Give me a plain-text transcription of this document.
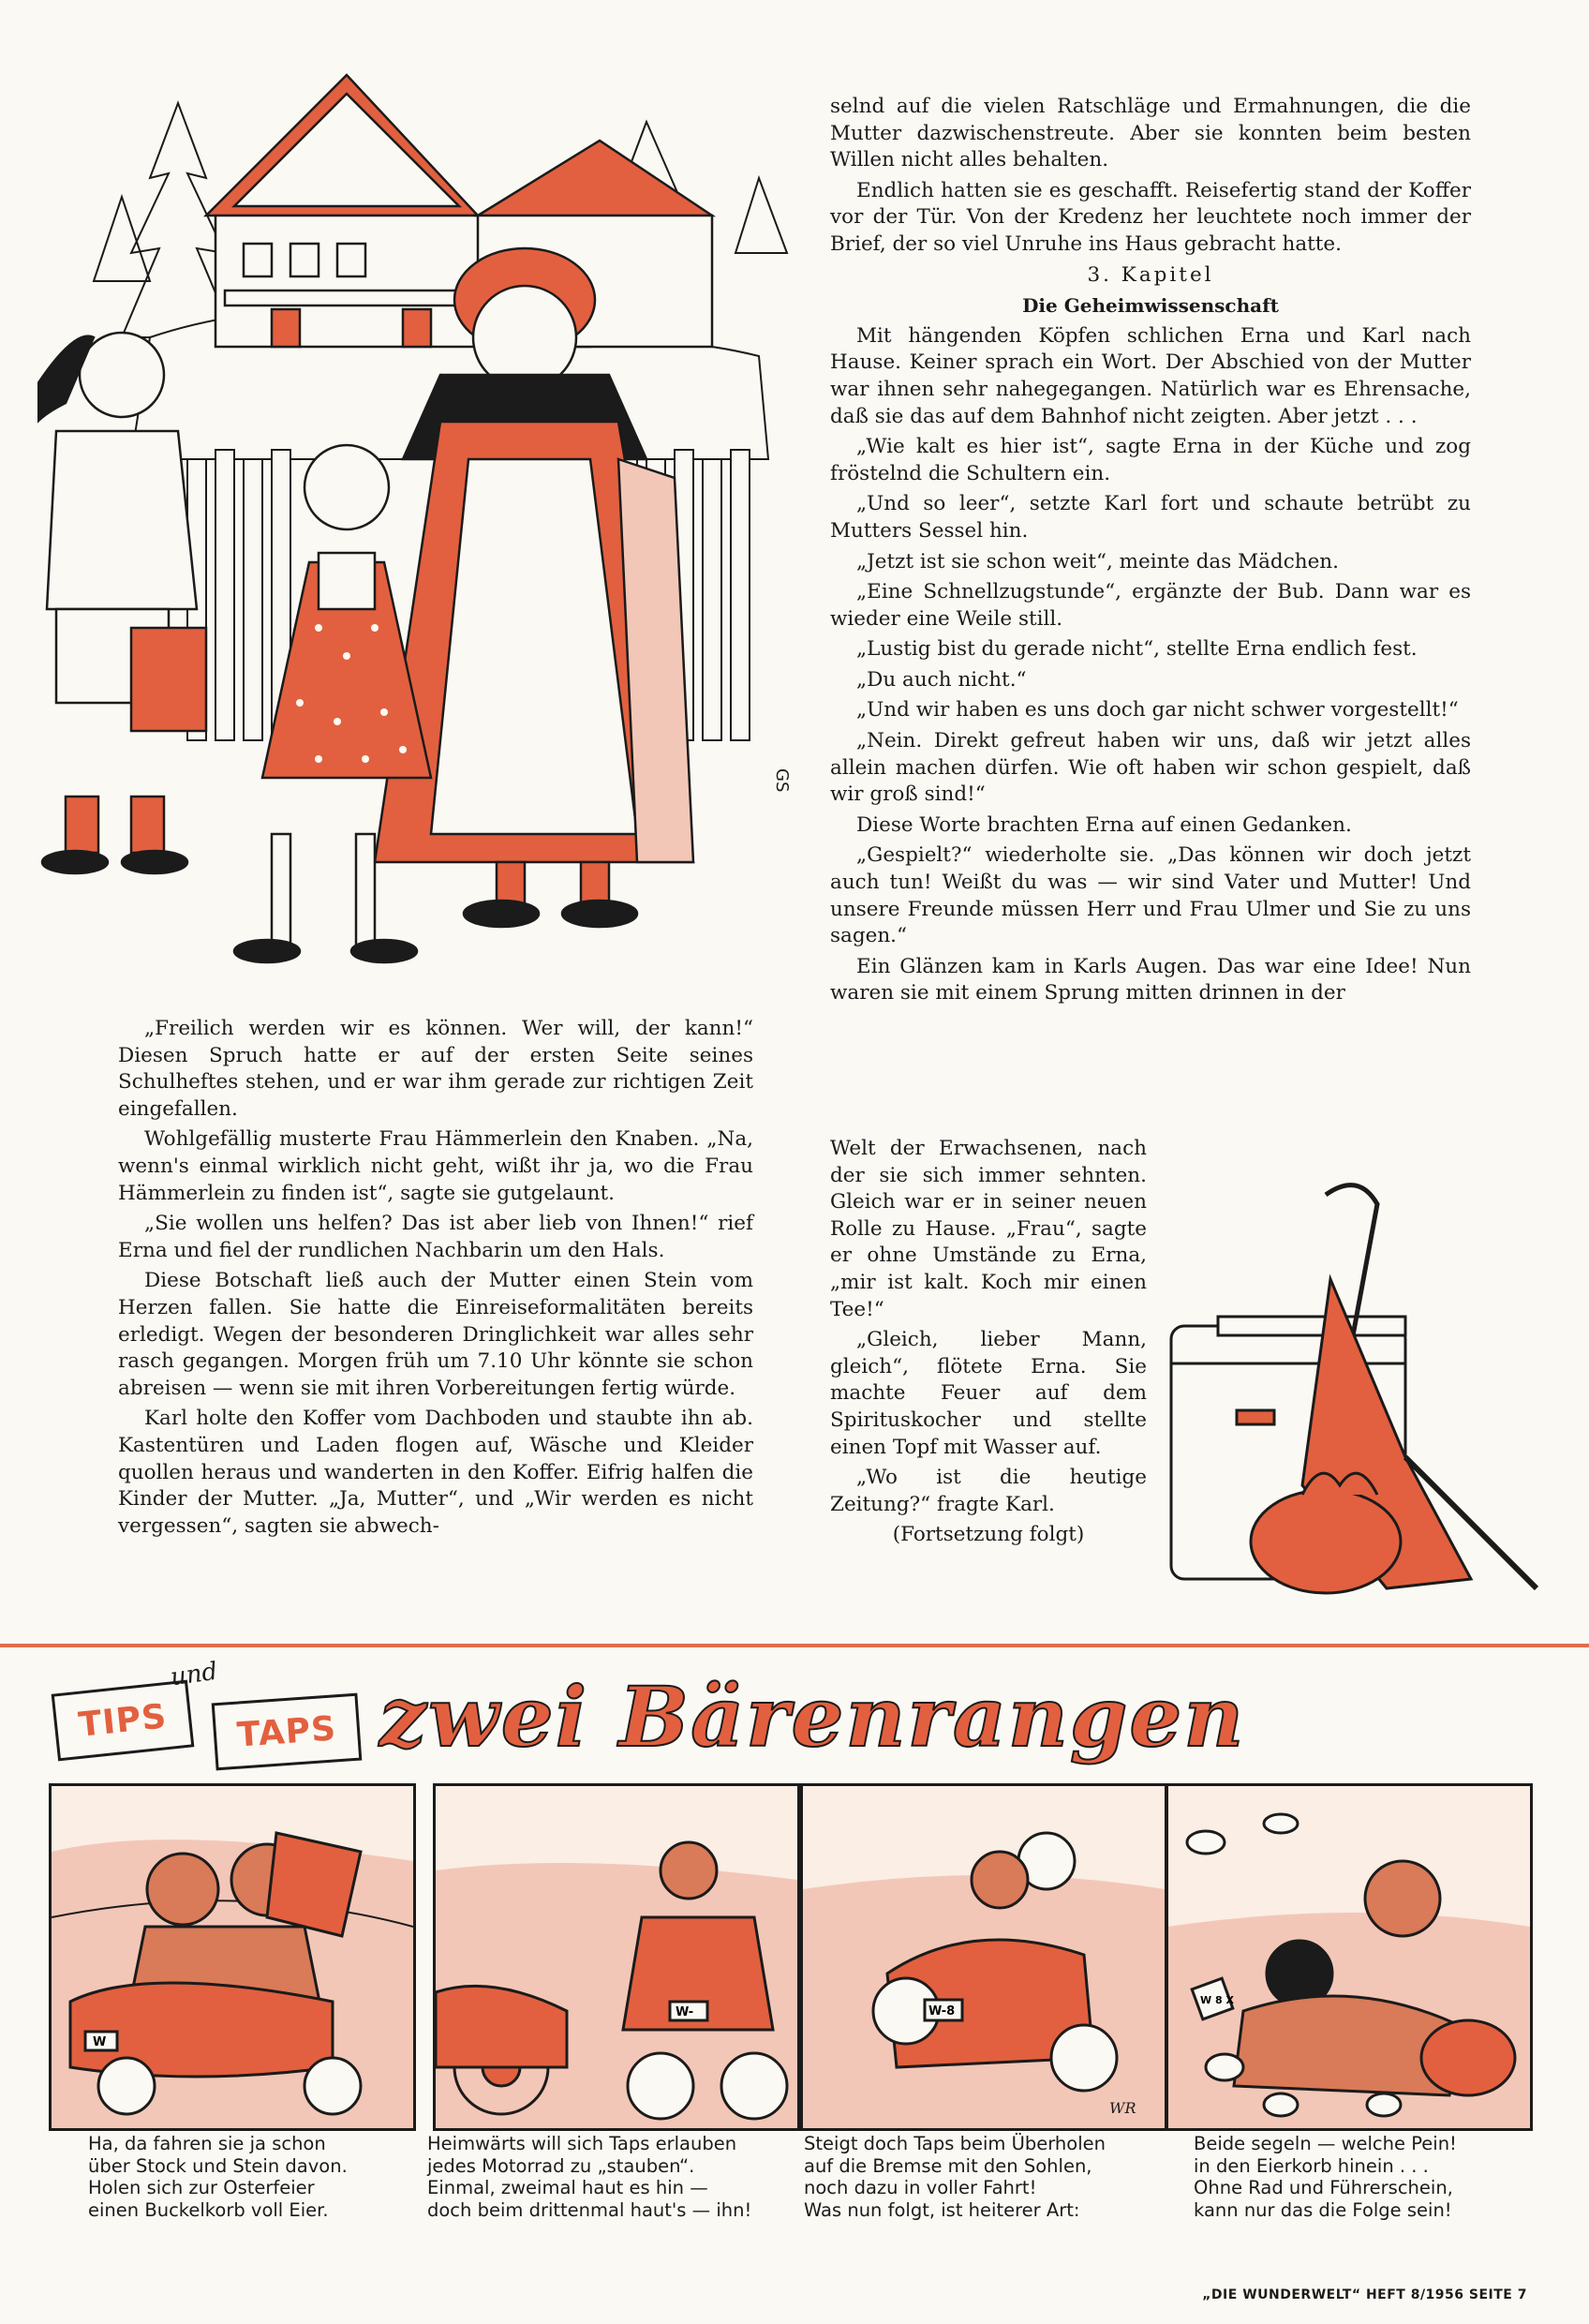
GS

„Freilich werden wir es können. Wer will, der kann!“ Diesen Spruch hatte er auf der ersten Seite seines Schulheftes stehen, und er war ihm gerade zur richtigen Zeit eingefallen.

Wohlgefällig musterte Frau Hämmerlein den Knaben. „Na, wenn's einmal wirklich nicht geht, wißt ihr ja, wo die Frau Hämmerlein zu finden ist“, sagte sie gutgelaunt.

„Sie wollen uns helfen? Das ist aber lieb von Ihnen!“ rief Erna und fiel der rundlichen Nachbarin um den Hals.

Diese Botschaft ließ auch der Mutter einen Stein vom Herzen fallen. Sie hatte die Einreiseformalitäten bereits erledigt. Wegen der besonderen Dringlichkeit war alles sehr rasch gegangen. Morgen früh um 7.10 Uhr könnte sie schon abreisen — wenn sie mit ihren Vorbereitungen fertig würde.

Karl holte den Koffer vom Dachboden und staubte ihn ab. Kastentüren und Laden flogen auf, Wäsche und Kleider quollen heraus und wanderten in den Koffer. Eifrig halfen die Kinder der Mutter. „Ja, Mutter“, und „Wir werden es nicht vergessen“, sagten sie abwech-

selnd auf die vielen Ratschläge und Ermahnungen, die die Mutter dazwischenstreute. Aber sie konnten beim besten Willen nicht alles behalten.

Endlich hatten sie es geschafft. Reisefertig stand der Koffer vor der Tür. Von der Kredenz her leuchtete noch immer der Brief, der so viel Unruhe ins Haus gebracht hatte.

3. Kapitel

Die Geheimwissenschaft

Mit hängenden Köpfen schlichen Erna und Karl nach Hause. Keiner sprach ein Wort. Der Abschied von der Mutter war ihnen sehr nahegegangen. Natürlich war es Ehrensache, daß sie das auf dem Bahnhof nicht zeigten. Aber jetzt . . .

„Wie kalt es hier ist“, sagte Erna in der Küche und zog fröstelnd die Schultern ein.

„Und so leer“, setzte Karl fort und schaute betrübt zu Mutters Sessel hin.

„Jetzt ist sie schon weit“, meinte das Mädchen.

„Eine Schnellzugstunde“, ergänzte der Bub. Dann war es wieder eine Weile still.

„Lustig bist du gerade nicht“, stellte Erna endlich fest.

„Du auch nicht.“

„Und wir haben es uns doch gar nicht schwer vorgestellt!“

„Nein. Direkt gefreut haben wir uns, daß wir jetzt alles allein machen dürfen. Wie oft haben wir schon gespielt, daß wir groß sind!“

Diese Worte brachten Erna auf einen Gedanken.

„Gespielt?“ wiederholte sie. „Das können wir doch jetzt auch tun! Weißt du was — wir sind Vater und Mutter! Und unsere Freunde müssen Herr und Frau Ulmer und Sie zu uns sagen.“

Ein Glänzen kam in Karls Augen. Das war eine Idee! Nun waren sie mit einem Sprung mitten drinnen in der

Welt der Erwachsenen, nach der sie sich immer sehnten. Gleich war er in seiner neuen Rolle zu Hause. „Frau“, sagte er ohne Umstände zu Erna, „mir ist kalt. Koch mir einen Tee!“

„Gleich, lieber Mann, gleich“, flötete Erna. Sie machte Feuer auf dem Spirituskocher und stellte einen Topf mit Wasser auf.

„Wo ist die heutige Zeitung?“ fragte Karl.

(Fortsetzung folgt)

TIPS
und
TAPS zwei Bärenrangen
W
W-	W-8
W 8 X
WR
Ha, da fahren sie ja schon
über Stock und Stein davon.
Holen sich zur Osterfeier
einen Buckelkorb voll Eier.
Heimwärts will sich Taps erlauben
jedes Motorrad zu „stauben“.
Einmal, zweimal haut es hin —
doch beim drittenmal haut's — ihn!
Steigt doch Taps beim Überholen
auf die Bremse mit den Sohlen,
noch dazu in voller Fahrt!
Was nun folgt, ist heiterer Art:
Beide segeln — welche Pein!
in den Eierkorb hinein . . .
Ohne Rad und Führerschein,
kann nur das die Folge sein!
„DIE WUNDERWELT“ HEFT 8/1956 SEITE 7
